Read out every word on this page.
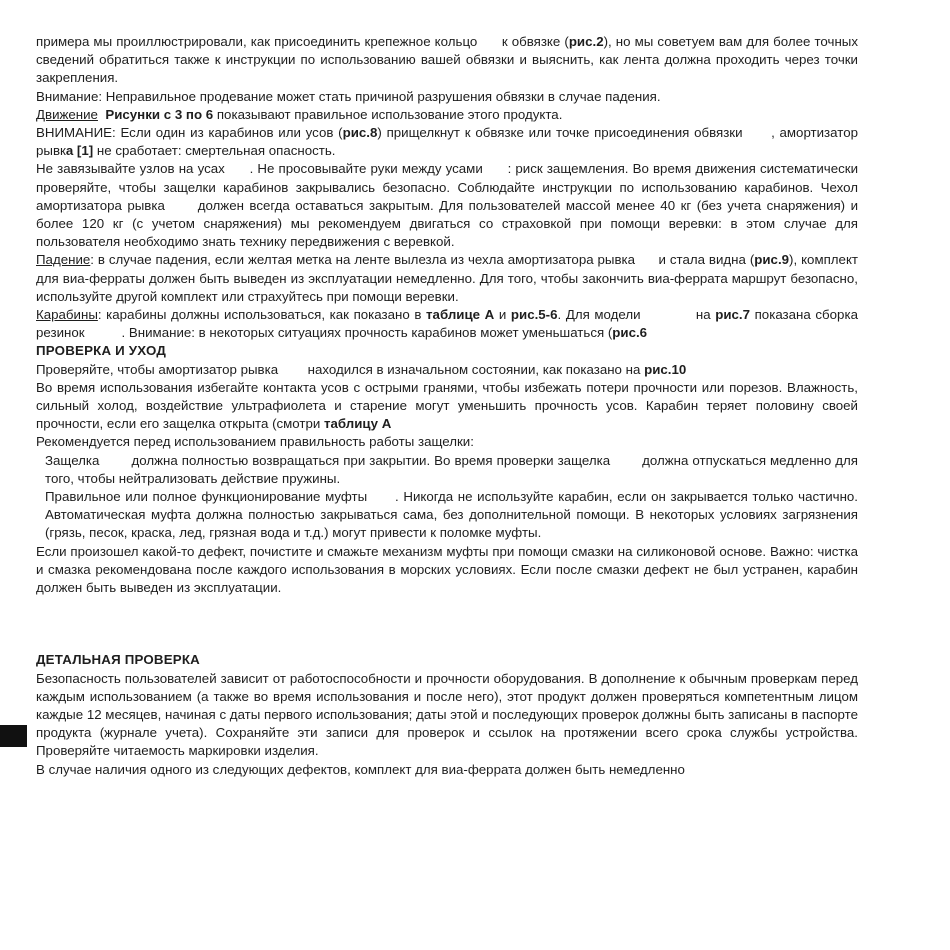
примера мы проиллюстрировали, как присоединить крепежное кольцо к обвязке (рис.2), но мы советуем вам для более точных сведений обратиться также к инструкции по использованию вашей обвязки и выяснить, как лента должна проходить через точки закрепления.

Внимание: Неправильное продевание может стать причиной разрушения обвязки в случае падения.

Движение Рисунки с 3 по 6 показывают правильное использование этого продукта.

ВНИМАНИЕ: Если один из карабинов или усов (рис.8) прищелкнут к обвязке или точке присоединения обвязки , амортизатор рывка [1] не сработает: смертельная опасность.

Не завязывайте узлов на усах . Не просовывайте руки между усами : риск защемления. Во время движения систематически проверяйте, чтобы защелки карабинов закрывались безопасно. Соблюдайте инструкции по использованию карабинов. Чехол амортизатора рывка должен всегда оставаться закрытым. Для пользователей массой менее 40 кг (без учета снаряжения) и более 120 кг (с учетом снаряжения) мы рекомендуем двигаться со страховкой при помощи веревки: в этом случае для пользователя необходимо знать технику передвижения с веревкой.

Падение: в случае падения, если желтая метка на ленте вылезла из чехла амортизатора рывка и стала видна (рис.9), комплект для виа-ферраты должен быть выведен из эксплуатации немедленно. Для того, чтобы закончить виа-феррата маршрут безопасно, используйте другой комплект или страхуйтесь при помощи веревки.

Карабины: карабины должны использоваться, как показано в таблице А и рис.5-6. Для модели	на рис.7 показана сборка резинок	. Внимание: в некоторых ситуациях прочность карабинов может уменьшаться (рис.6

ПРОВЕРКА И УХОД

Проверяйте, чтобы амортизатор рывка находился в изначальном состоянии, как показано на рис.10

Во время использования избегайте контакта усов с острыми гранями, чтобы избежать потери прочности или порезов. Влажность, сильный холод, воздействие ультрафиолета и старение могут уменьшить прочность усов. Карабин теряет половину своей прочности, если его защелка открыта (смотри таблицу А

Рекомендуется перед использованием правильность работы защелки:

Защелка должна полностью возвращаться при закрытии. Во время проверки защелка должна отпускаться медленно для того, чтобы нейтрализовать действие пружины.

Правильное или полное функционирование муфты . Никогда не используйте карабин, если он закрывается только частично. Автоматическая муфта должна полностью закрываться сама, без дополнительной помощи. В некоторых условиях загрязнения (грязь, песок, краска, лед, грязная вода и т.д.) могут привести к поломке муфты.

Если произошел какой-то дефект, почистите и смажьте механизм муфты при помощи смазки на силиконовой основе. Важно: чистка и смазка рекомендована после каждого использования в морских условиях. Если после смазки дефект не был устранен, карабин должен быть выведен из эксплуатации.

ДЕТАЛЬНАЯ ПРОВЕРКА

Безопасность пользователей зависит от работоспособности и прочности оборудования. В дополнение к обычным проверкам перед каждым использованием (а также во время использования и после него), этот продукт должен проверяться компетентным лицом каждые 12 месяцев, начиная с даты первого использования; даты этой и последующих проверок должны быть записаны в паспорте продукта (журнале учета). Сохраняйте эти записи для проверок и ссылок на протяжении всего срока службы устройства. Проверяйте читаемость маркировки изделия.

В случае наличия одного из следующих дефектов, комплект для виа-феррата должен быть немедленно
